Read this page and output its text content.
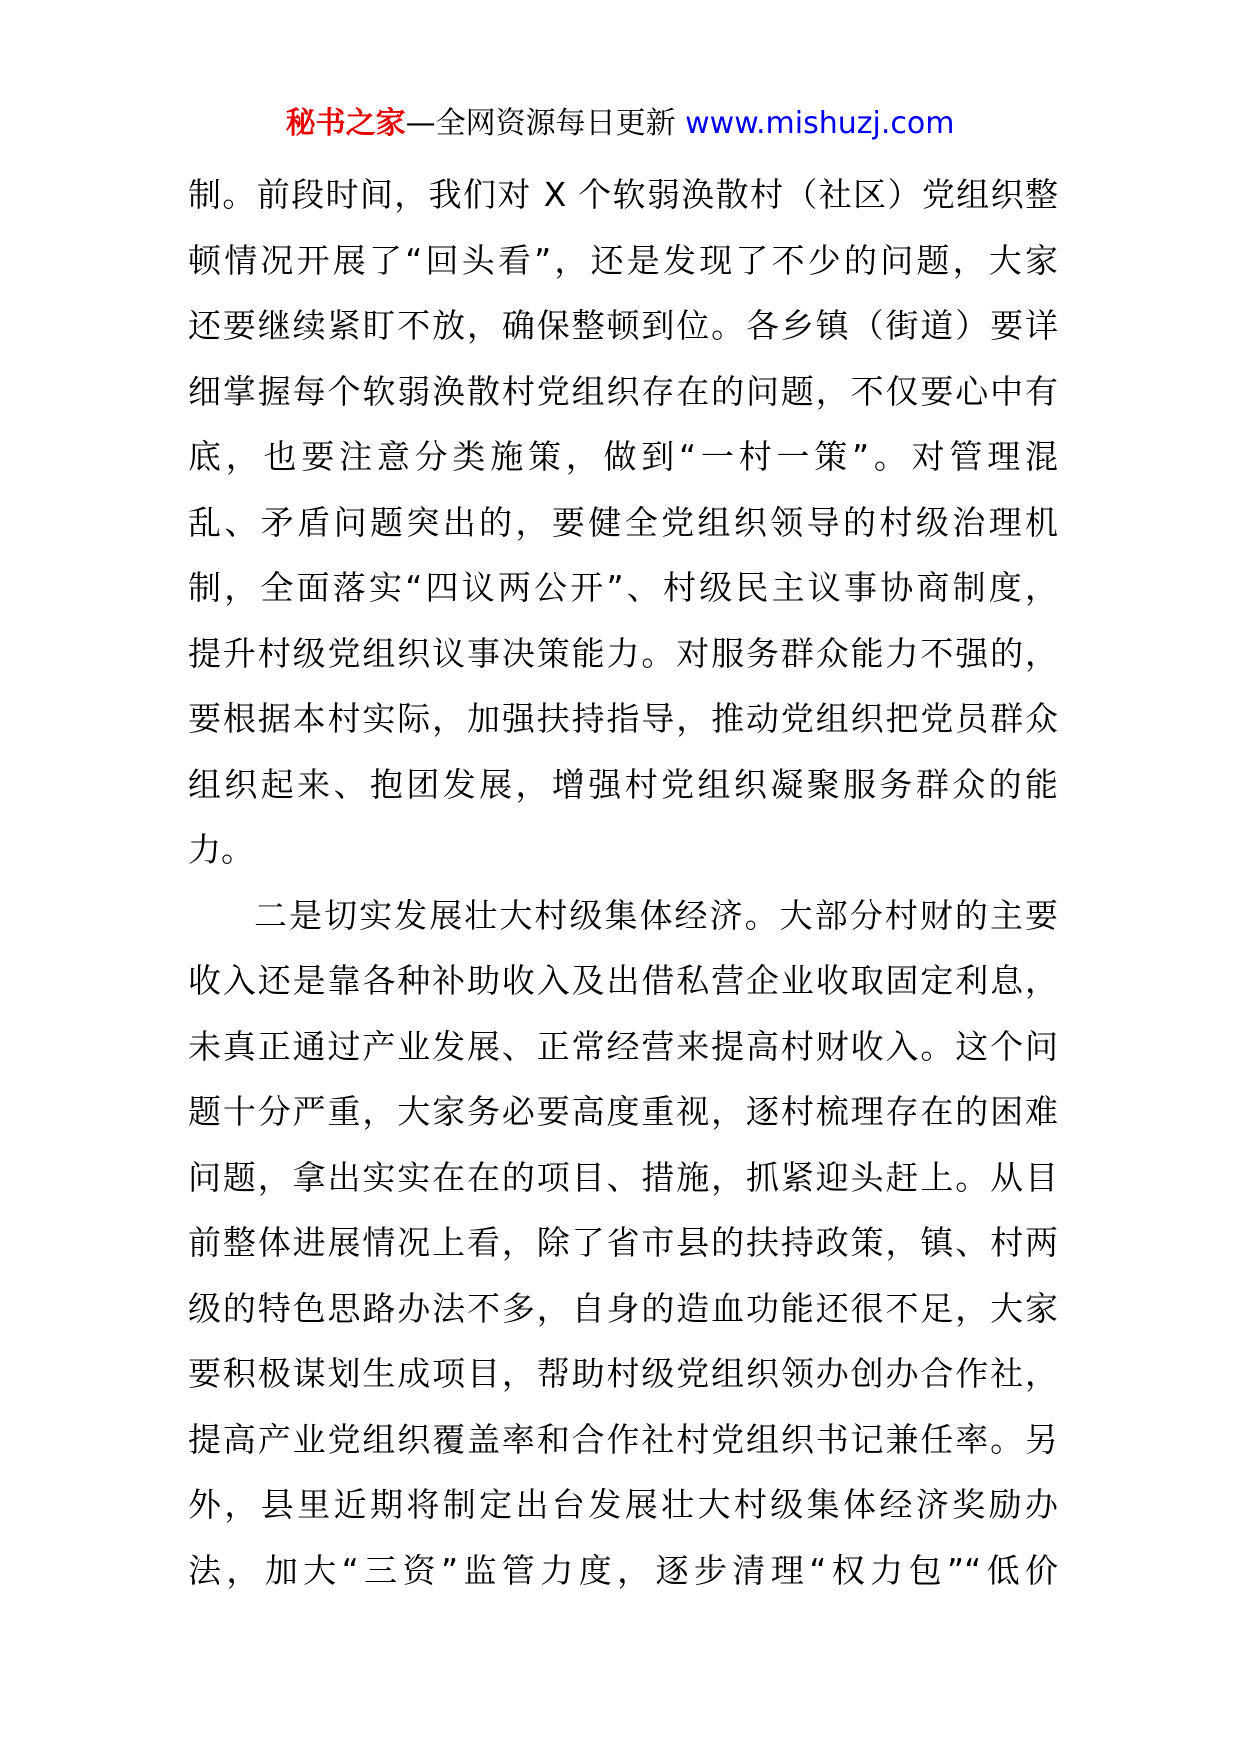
秘书之家—全网资源每日更新 www.mishuzj.com
制。前段时间，我们对 X 个软弱涣散村（社区）党组织整
顿情况开展了“回头看”，还是发现了不少的问题，大家
还要继续紧盯不放，确保整顿到位。各乡镇（街道）要详
细掌握每个软弱涣散村党组织存在的问题，不仅要心中有
底，也要注意分类施策，做到“一村一策”。对管理混
乱、矛盾问题突出的，要健全党组织领导的村级治理机
制，全面落实“四议两公开”、村级民主议事协商制度，
提升村级党组织议事决策能力。对服务群众能力不强的，
要根据本村实际，加强扶持指导，推动党组织把党员群众
组织起来、抱团发展，增强村党组织凝聚服务群众的能
力。
二是切实发展壮大村级集体经济。大部分村财的主要
收入还是靠各种补助收入及出借私营企业收取固定利息，
未真正通过产业发展、正常经营来提高村财收入。这个问
题十分严重，大家务必要高度重视，逐村梳理存在的困难
问题，拿出实实在在的项目、措施，抓紧迎头赶上。从目
前整体进展情况上看，除了省市县的扶持政策，镇、村两
级的特色思路办法不多，自身的造血功能还很不足，大家
要积极谋划生成项目，帮助村级党组织领办创办合作社，
提高产业党组织覆盖率和合作社村党组织书记兼任率。另
外，县里近期将制定出台发展壮大村级集体经济奖励办
法，加大“三资”监管力度，逐步清理“权力包”“低价
